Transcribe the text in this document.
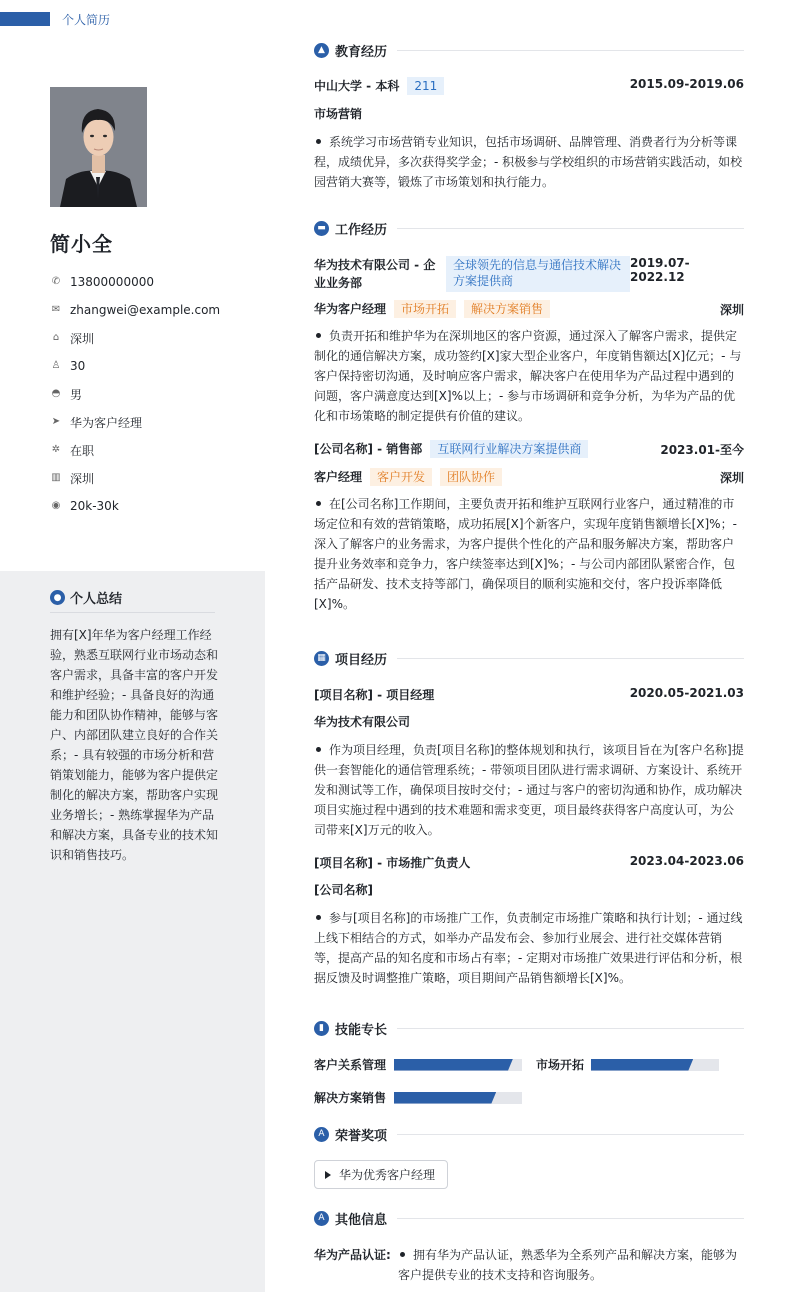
个人简历
简小全
✆ 13800000000
✉ zhangwei@example.com
⌂ 深圳
♙ 30
◓ 男
➤ 华为客户经理
✲ 在职
▥ 深圳
◉ 20k-30k
● 个人总结
拥有[X]年华为客户经理工作经验，熟悉互联网行业市场动态和客户需求，具备丰富的客户开发和维护经验；- 具备良好的沟通能力和团队协作精神，能够与客户、内部团队建立良好的合作关系；- 具有较强的市场分析和营销策划能力，能够为客户提供定制化的解决方案，帮助客户实现业务增长；- 熟练掌握华为产品和解决方案，具备专业的技术知识和销售技巧。
▲ 教育经历
中山大学 - 本科 211	2015.09-2019.06
市场营销
系统学习市场营销专业知识，包括市场调研、品牌管理、消费者行为分析等课程，成绩优异，多次获得奖学金；- 积极参与学校组织的市场营销实践活动，如校园营销大赛等，锻炼了市场策划和执行能力。
▬ 工作经历
华为技术有限公司 - 企业业务部
全球领先的信息与通信技术解决方案提供商
2019.07-2022.12
华为客户经理 市场开拓 解决方案销售	深圳
负责开拓和维护华为在深圳地区的客户资源，通过深入了解客户需求，提供定制化的通信解决方案，成功签约[X]家大型企业客户，年度销售额达[X]亿元；- 与客户保持密切沟通，及时响应客户需求，解决客户在使用华为产品过程中遇到的问题，客户满意度达到[X]%以上；- 参与市场调研和竞争分析，为华为产品的优化和市场策略的制定提供有价值的建议。
[公司名称] - 销售部 互联网行业解决方案提供商	2023.01-至今
客户经理 客户开发 团队协作	深圳
在[公司名称]工作期间，主要负责开拓和维护互联网行业客户，通过精准的市场定位和有效的营销策略，成功拓展[X]个新客户，实现年度销售额增长[X]%；- 深入了解客户的业务需求，为客户提供个性化的产品和服务解决方案，帮助客户提升业务效率和竞争力，客户续签率达到[X]%；- 与公司内部团队紧密合作，包括产品研发、技术支持等部门，确保项目的顺利实施和交付，客户投诉率降低[X]%。
▦ 项目经历
[项目名称] - 项目经理	2020.05-2021.03
华为技术有限公司
作为项目经理，负责[项目名称]的整体规划和执行，该项目旨在为[客户名称]提供一套智能化的通信管理系统；- 带领项目团队进行需求调研、方案设计、系统开发和测试等工作，确保项目按时交付；- 通过与客户的密切沟通和协作，成功解决项目实施过程中遇到的技术难题和需求变更，项目最终获得客户高度认可，为公司带来[X]万元的收入。
[项目名称] - 市场推广负责人	2023.04-2023.06
[公司名称]
参与[项目名称]的市场推广工作，负责制定市场推广策略和执行计划；- 通过线上线下相结合的方式，如举办产品发布会、参加行业展会、进行社交媒体营销等，提高产品的知名度和市场占有率；- 定期对市场推广效果进行评估和分析，根据反馈及时调整推广策略，项目期间产品销售额增长[X]%。
▮ 技能专长
客户关系管理	市场开拓
解决方案销售
A 荣誉奖项
华为优秀客户经理
A 其他信息
华为产品认证:	拥有华为产品认证，熟悉华为全系列产品和解决方案，能够为客户提供专业的技术支持和咨询服务。
